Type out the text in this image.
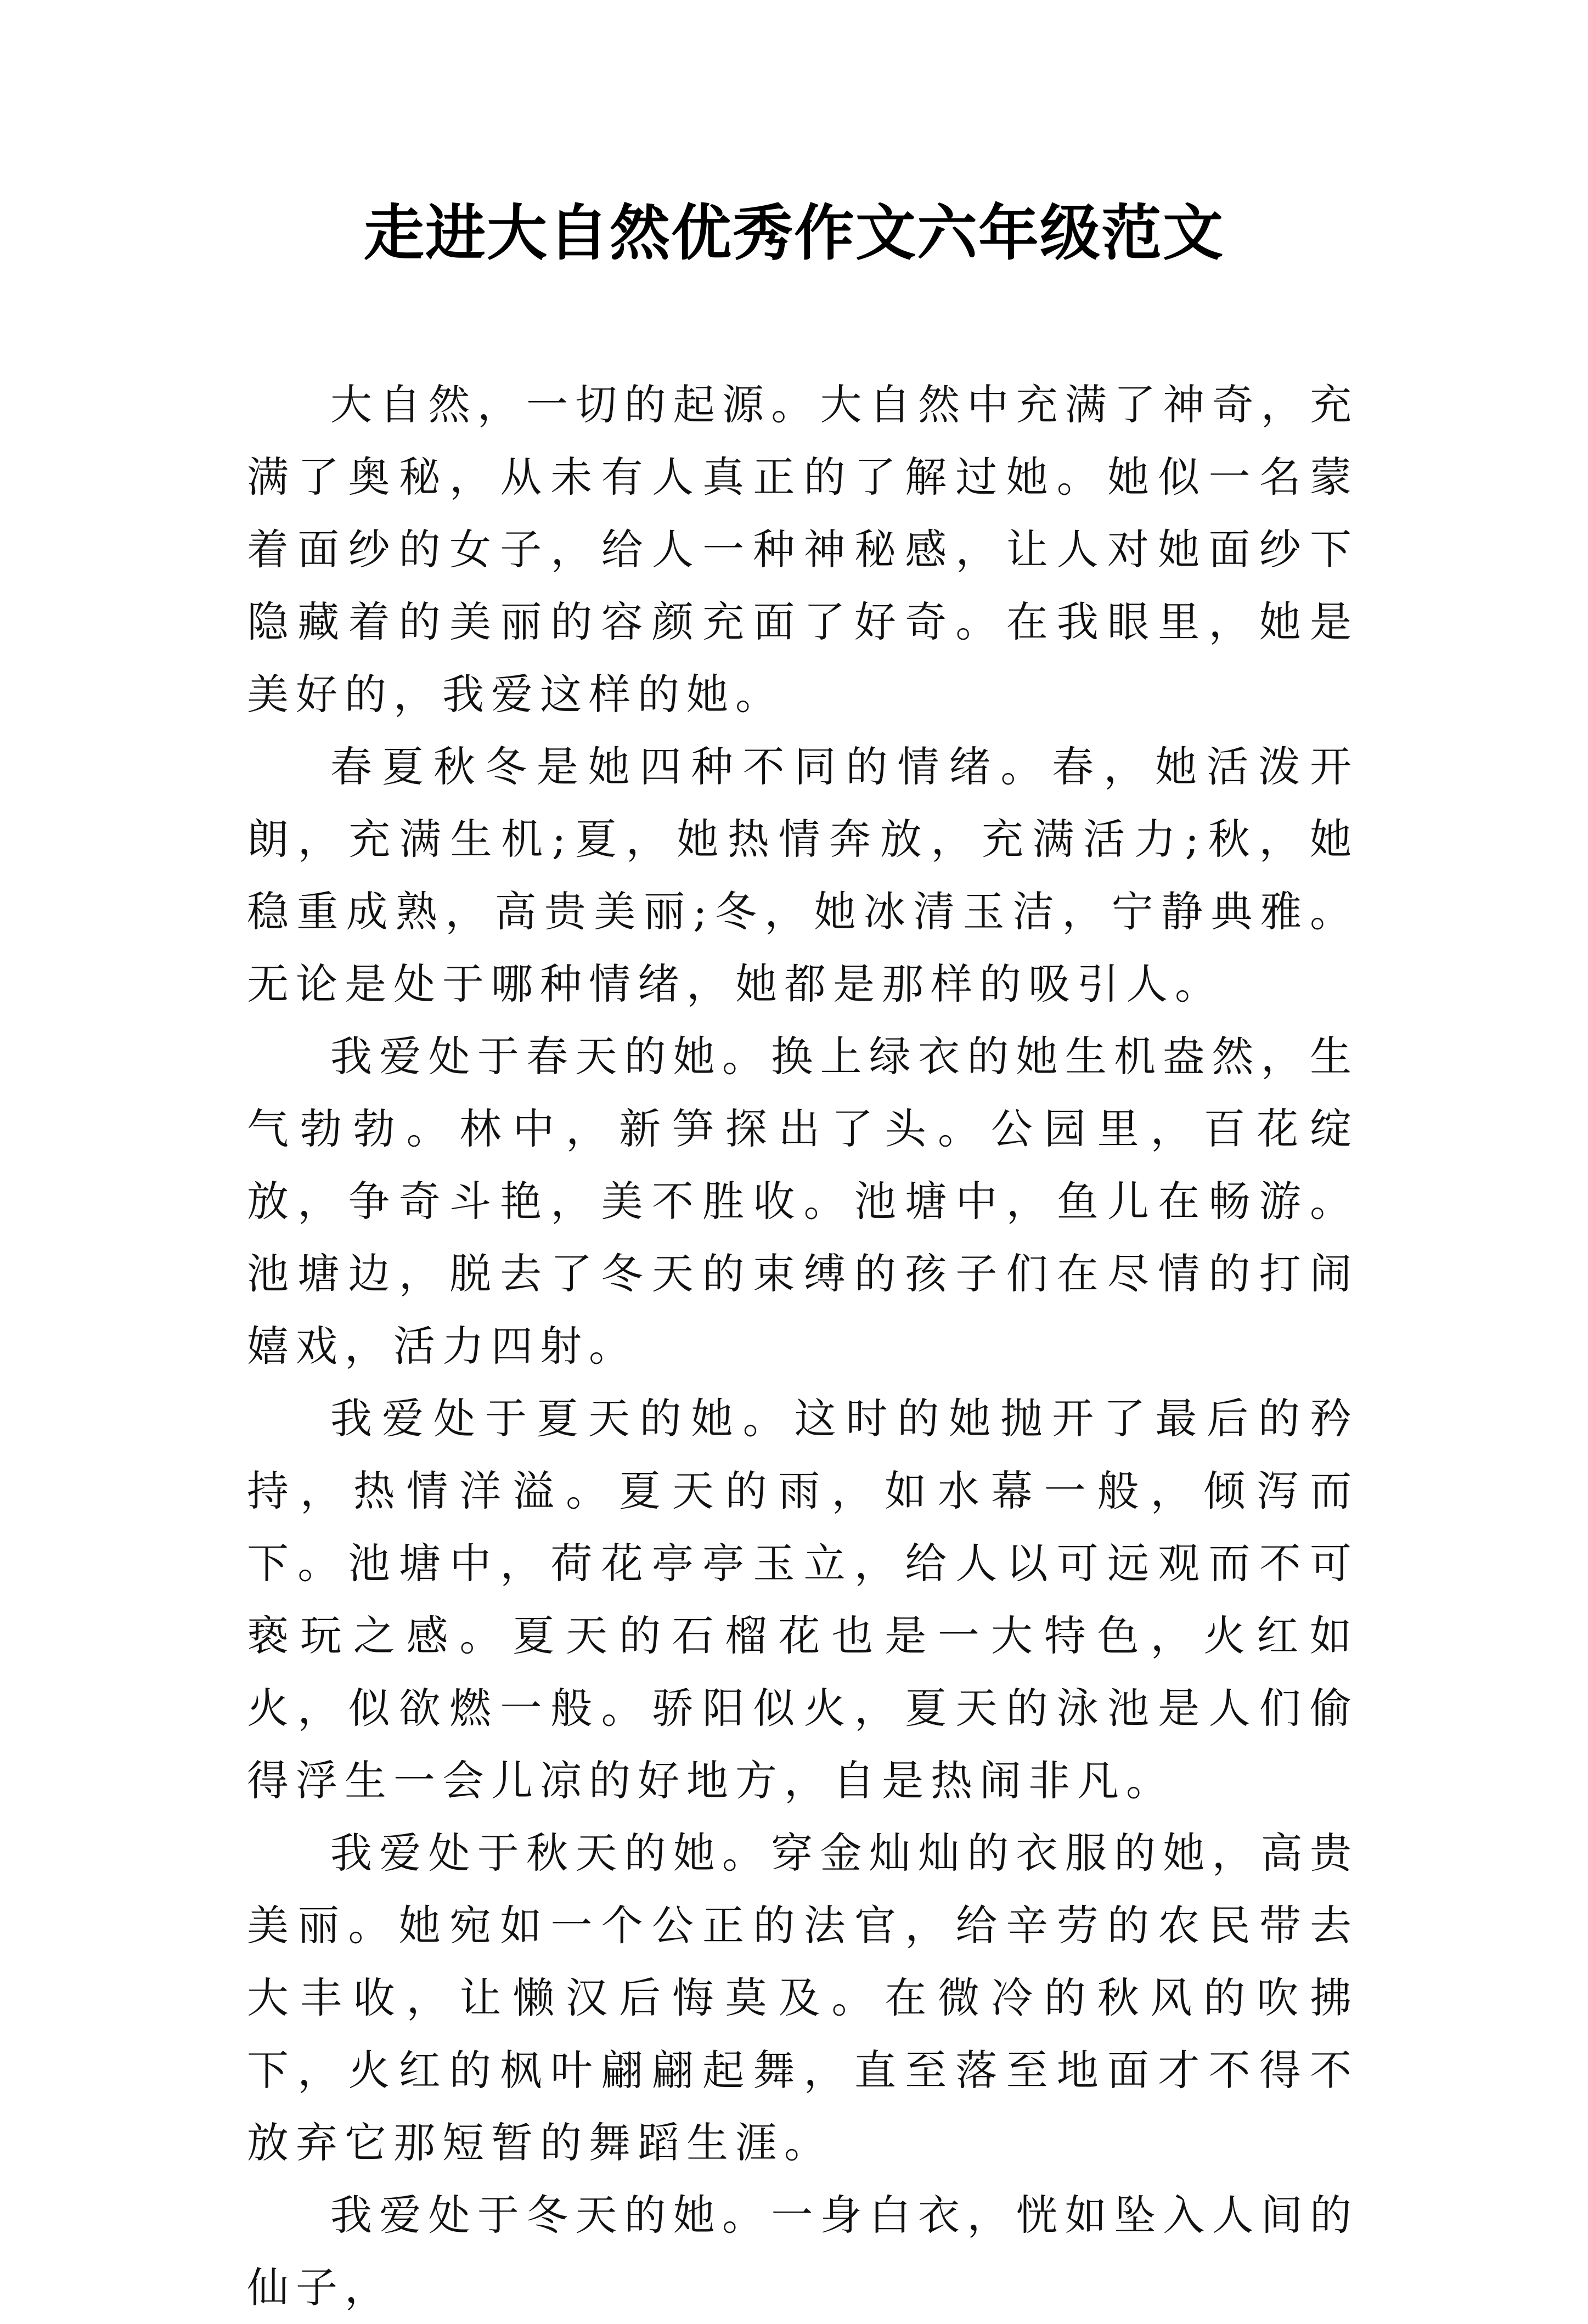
走进大自然优秀作文六年级范文

大自然，一切的起源。大自然中充满了神奇，充满了奥秘，从未有人真正的了解过她。她似一名蒙着面纱的女子，给人一种神秘感，让人对她面纱下隐藏着的美丽的容颜充面了好奇。在我眼里，她是美好的，我爱这样的她。

春夏秋冬是她四种不同的情绪。春，她活泼开朗，充满生机;夏，她热情奔放，充满活力;秋，她稳重成熟，高贵美丽;冬，她冰清玉洁，宁静典雅。无论是处于哪种情绪，她都是那样的吸引人。

我爱处于春天的她。换上绿衣的她生机盎然，生气勃勃。林中，新笋探出了头。公园里，百花绽放，争奇斗艳，美不胜收。池塘中，鱼儿在畅游。池塘边，脱去了冬天的束缚的孩子们在尽情的打闹嬉戏，活力四射。

我爱处于夏天的她。这时的她抛开了最后的矜持，热情洋溢。夏天的雨，如水幕一般，倾泻而下。池塘中，荷花亭亭玉立，给人以可远观而不可亵玩之感。夏天的石榴花也是一大特色，火红如火，似欲燃一般。骄阳似火，夏天的泳池是人们偷得浮生一会儿凉的好地方，自是热闹非凡。

我爱处于秋天的她。穿金灿灿的衣服的她，高贵美丽。她宛如一个公正的法官，给辛劳的农民带去大丰收，让懒汉后悔莫及。在微冷的秋风的吹拂下，火红的枫叶翩翩起舞，直至落至地面才不得不放弃它那短暂的舞蹈生涯。

我爱处于冬天的她。一身白衣，恍如坠入人间的仙子，
